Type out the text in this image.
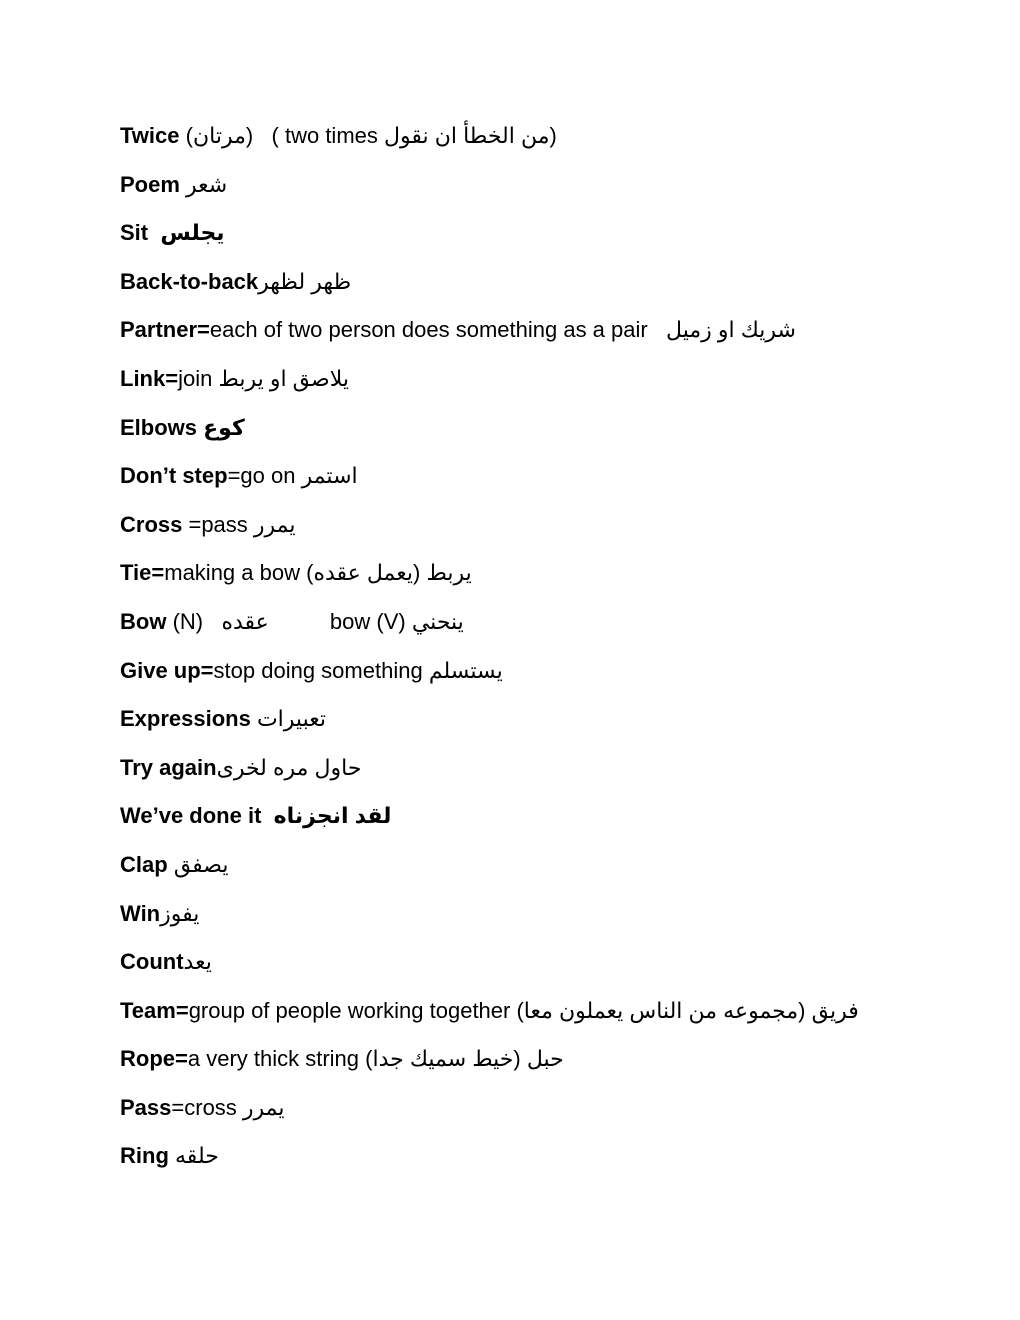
Twice (مرتان)   ( two times من الخطأ ان نقول)
Poem شعر
Sit  يجلس
Back-to-backظهر لظهر
Partner=each of two person does something as a pair   شريك او زميل
Link=join يلاصق او يربط
Elbows كوع
Don’t step=go on استمر
Cross =pass يمرر
Tie=making a bow (يعمل عقده) يربط
Bow (N)   عقده          bow (V) ينحني
Give up=stop doing something يستسلم
Expressions تعبيرات
Try againحاول مره لخرى
We’ve done it  لقد انجزناه
Clap يصفق
Winيفوز
Countيعد
Team=group of people working together (مجموعه من الناس يعملون معا) فريق
Rope=a very thick string (خيط سميك جدا) حبل
Pass=cross يمرر
Ring حلقه
